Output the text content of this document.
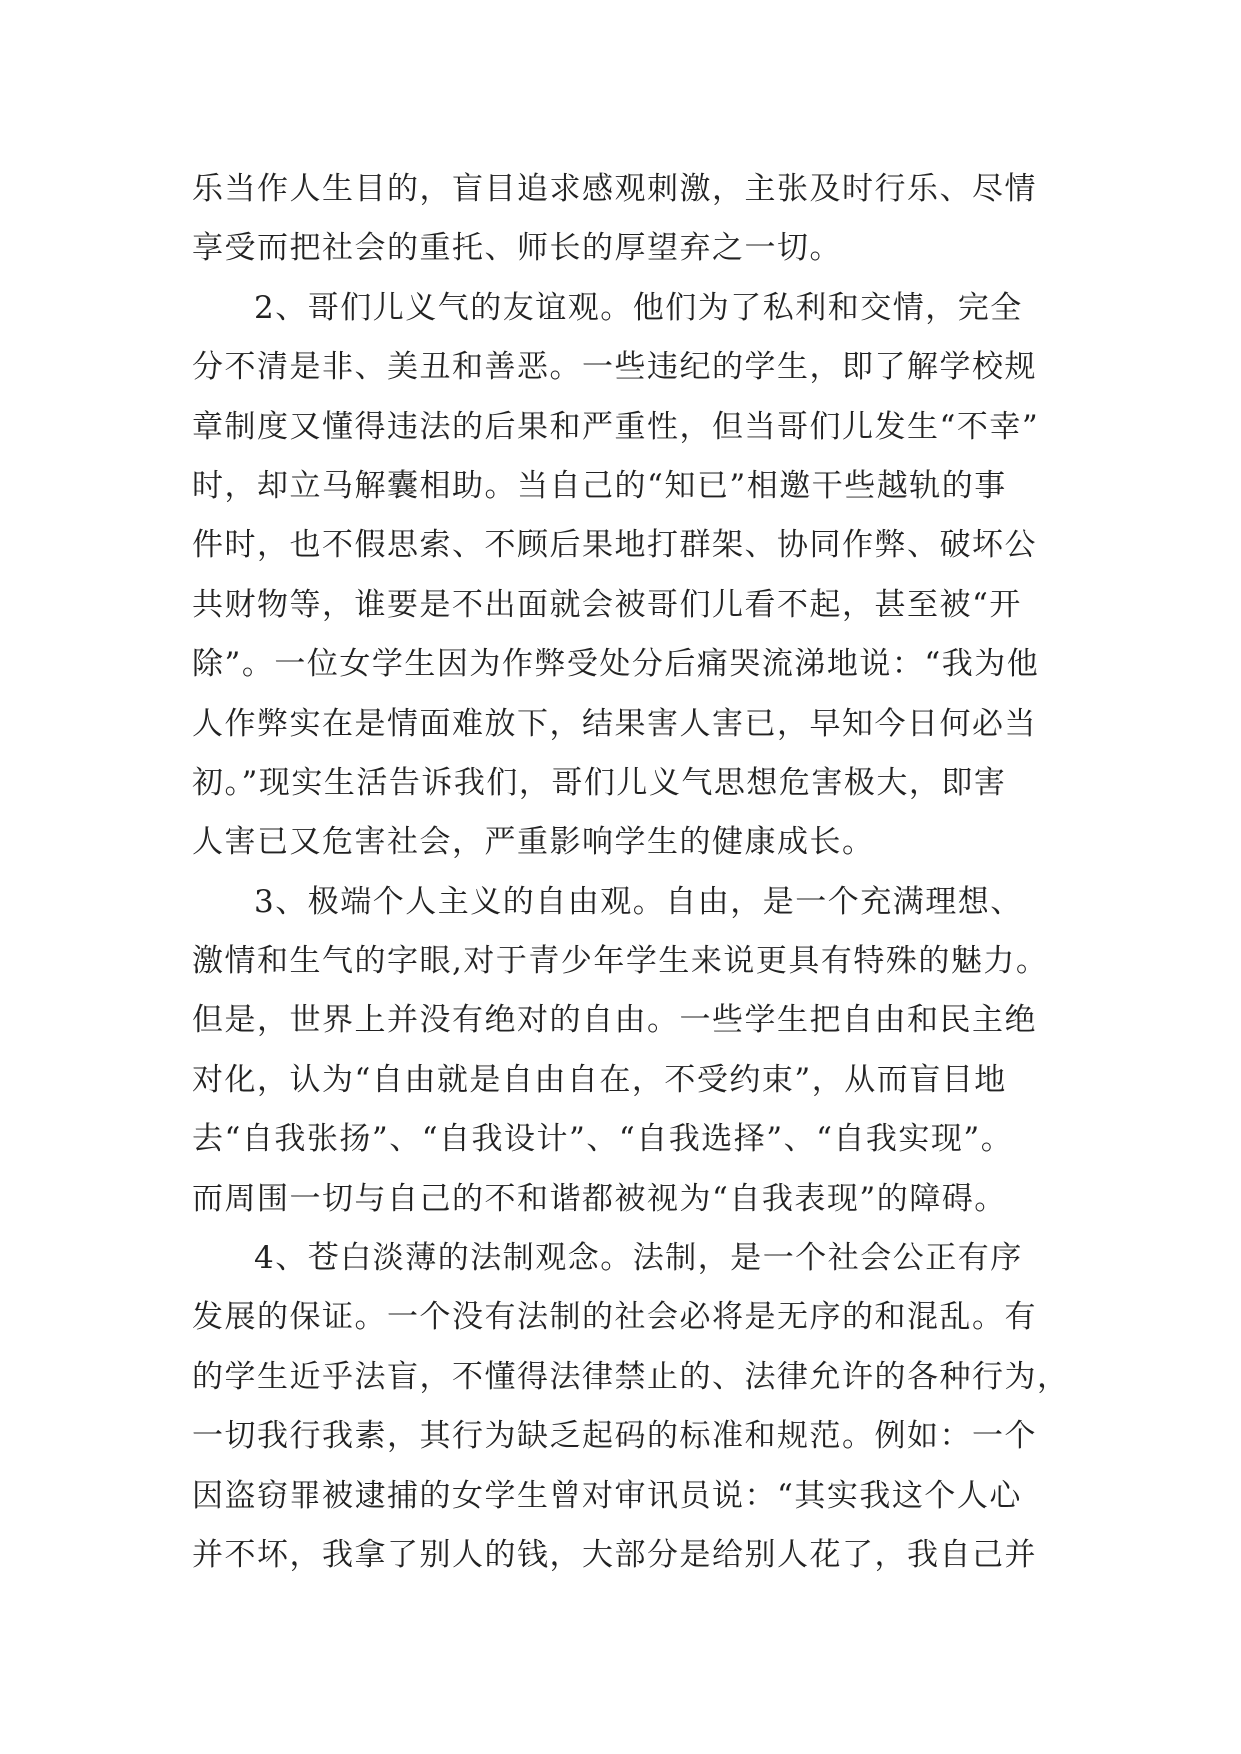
乐当作人生目的，盲目追求感观刺激，主张及时行乐、尽情
享受而把社会的重托、师长的厚望弃之一切。
2、哥们儿义气的友谊观。他们为了私利和交情，完全
分不清是非、美丑和善恶。一些违纪的学生，即了解学校规
章制度又懂得违法的后果和严重性，但当哥们儿发生“不幸”
时，却立马解囊相助。当自己的“知已”相邀干些越轨的事
件时，也不假思索、不顾后果地打群架、协同作弊、破坏公
共财物等，谁要是不出面就会被哥们儿看不起，甚至被“开
除”。一位女学生因为作弊受处分后痛哭流涕地说：“我为他
人作弊实在是情面难放下，结果害人害已，早知今日何必当
初。”现实生活告诉我们，哥们儿义气思想危害极大，即害
人害已又危害社会，严重影响学生的健康成长。
3、极端个人主义的自由观。自由，是一个充满理想、
激情和生气的字眼,对于青少年学生来说更具有特殊的魅力。
但是，世界上并没有绝对的自由。一些学生把自由和民主绝
对化，认为“自由就是自由自在，不受约束”，从而盲目地
去“自我张扬”、“自我设计”、“自我选择”、“自我实现”。
而周围一切与自己的不和谐都被视为“自我表现”的障碍。
4、苍白淡薄的法制观念。法制，是一个社会公正有序
发展的保证。一个没有法制的社会必将是无序的和混乱。有
的学生近乎法盲，不懂得法律禁止的、法律允许的各种行为，
一切我行我素，其行为缺乏起码的标准和规范。例如：一个
因盗窃罪被逮捕的女学生曾对审讯员说：“其实我这个人心
并不坏，我拿了别人的钱，大部分是给别人花了，我自己并
